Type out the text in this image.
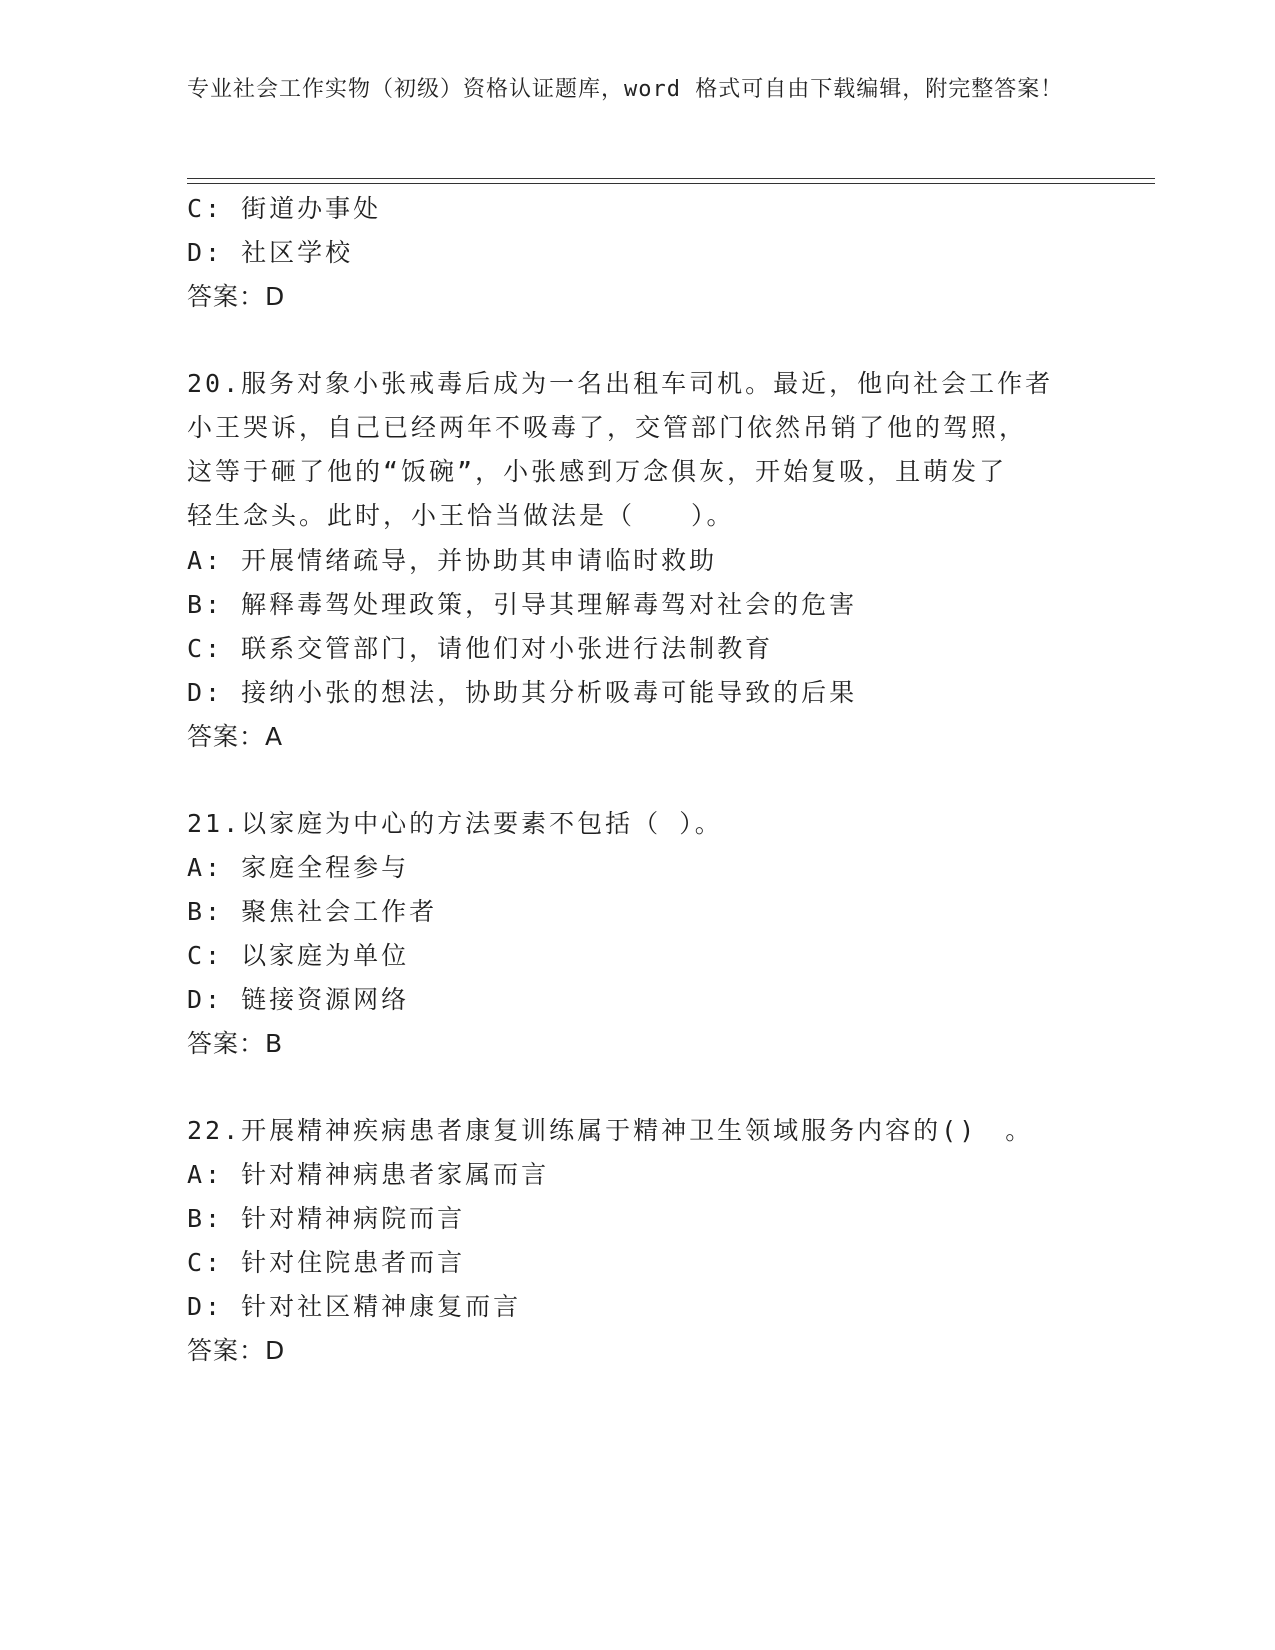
专业社会工作实物（初级）资格认证题库，word 格式可自由下载编辑，附完整答案！
C: 街道办事处
D: 社区学校
答案：D
20.服务对象小张戒毒后成为一名出租车司机。最近，他向社会工作者
小王哭诉，自己已经两年不吸毒了，交管部门依然吊销了他的驾照，
这等于砸了他的“饭碗”，小张感到万念俱灰，开始复吸，且萌发了
轻生念头。此时，小王恰当做法是（　　）。
A: 开展情绪疏导，并协助其申请临时救助
B: 解释毒驾处理政策，引导其理解毒驾对社会的危害
C: 联系交管部门，请他们对小张进行法制教育
D: 接纳小张的想法，协助其分析吸毒可能导致的后果
答案：A
21.以家庭为中心的方法要素不包括（ ）。
A: 家庭全程参与
B: 聚焦社会工作者
C: 以家庭为单位
D: 链接资源网络
答案：B
22.开展精神疾病患者康复训练属于精神卫生领域服务内容的()　。
A: 针对精神病患者家属而言
B: 针对精神病院而言
C: 针对住院患者而言
D: 针对社区精神康复而言
答案：D
